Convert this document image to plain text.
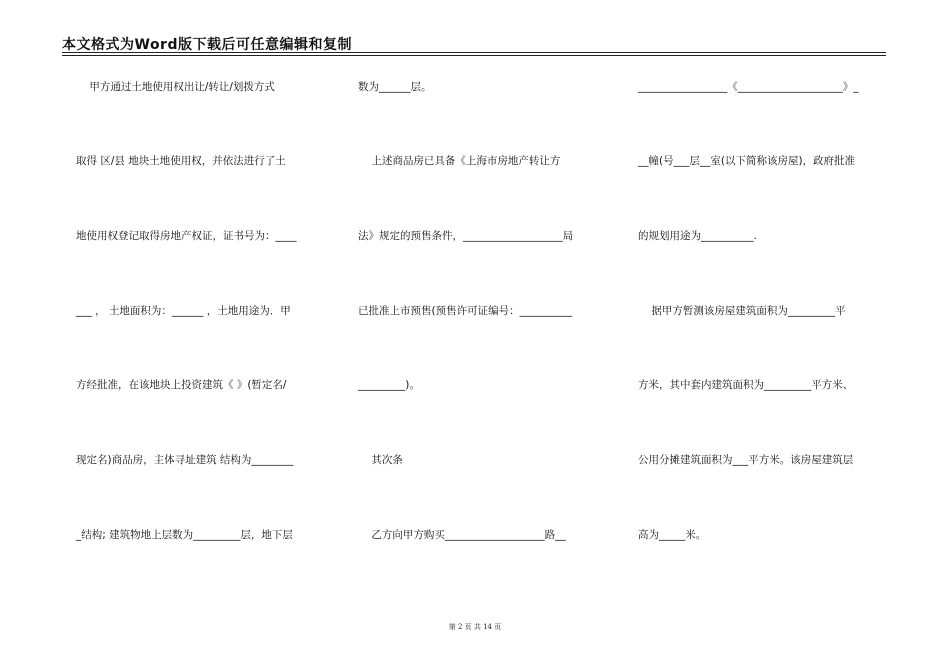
本文格式为Word版下载后可任意编辑和复制
甲方通过土地使用权出让/转让/划拨方式
取得 区/县 地块土地使用权，并依法进行了土
地使用权登记取得房地产权证，证书号为：____
___ ， 土地面积为：______ ，土地用途为．甲
方经批准，在该地块上投资建筑《 》(暂定名/
现定名)商品房，主体寻址建筑 结构为________
_结构; 建筑物地上层数为_________层，地下层
数为______层。
上述商品房已具备《上海市房地产转让方
法》规定的预售条件，___________________局
已批准上市预售(预售许可证编号：__________
_________)。
其次条
乙方向甲方购买___________________路__
_________________《____________________》_
__幢(号___层__室(以下简称该房屋)，政府批准
的规划用途为__________.
据甲方暂测该房屋建筑面积为_________平
方米，其中套内建筑面积为_________平方米、
公用分摊建筑面积为___平方米。该房屋建筑层
高为_____米。
第 2 页 共 14 页
